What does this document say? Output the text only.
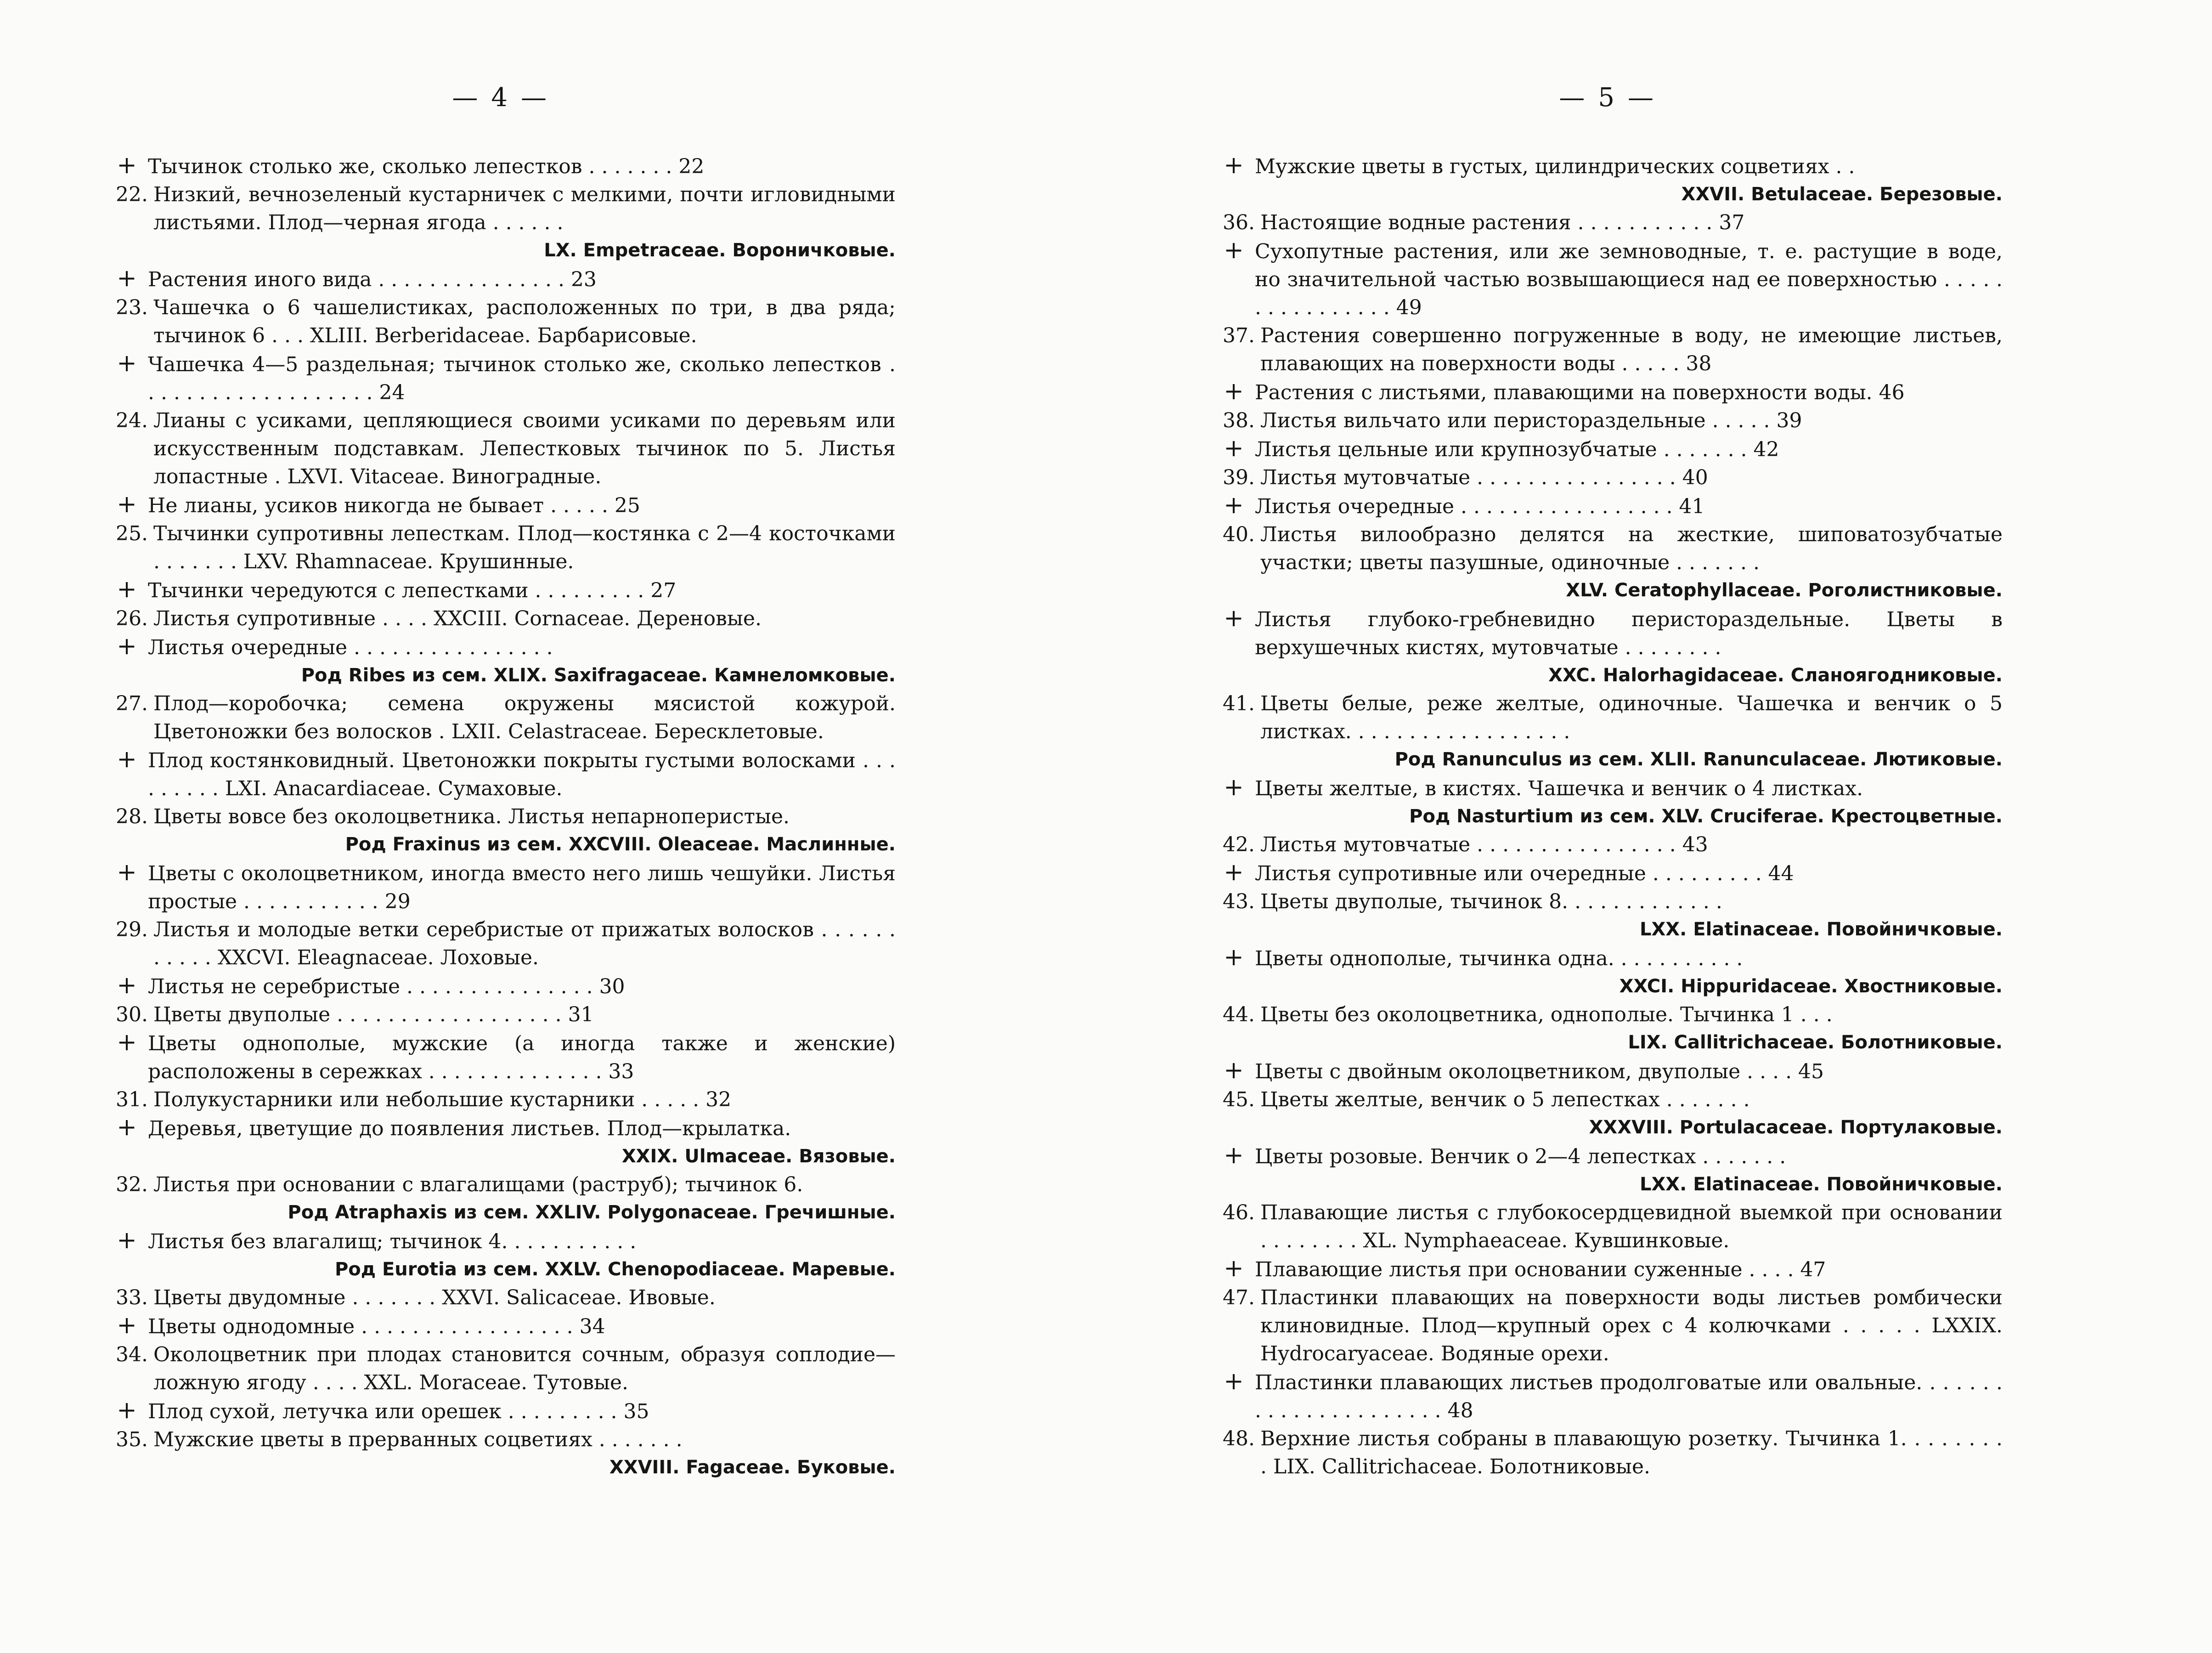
— 4 —
+ Тычинок столько же, сколько лепестков . . . . . . . 22
22. Низкий, вечнозеленый кустарничек с мелкими, почти игловидными листьями. Плод—черная ягода . . . . . .
LX. Empetraceae. Вороничковые.
+ Растения иного вида . . . . . . . . . . . . . . . 23
23. Чашечка о 6 чашелистиках, расположенных по три, в два ряда; тычинок 6 . . . XLIII. Berberidaceae. Барбарисовые.
+ Чашечка 4—5 раздельная; тычинок столько же, сколько лепестков . . . . . . . . . . . . . . . . . . . 24
24. Лианы с усиками, цепляющиеся своими усиками по деревьям или искусственным подставкам. Лепестковых тычинок по 5. Листья лопастные . LXVI. Vitaceae. Виноградные.
+ Не лианы, усиков никогда не бывает . . . . . 25
25. Тычинки супротивны лепесткам. Плод—костянка с 2—4 косточками . . . . . . . LXV. Rhamnaceae. Крушинные.
+ Тычинки чередуются с лепестками . . . . . . . . . 27
26. Листья супротивные . . . . XXCIII. Cornaceae. Дереновые.
+ Листья очередные . . . . . . . . . . . . . . . .
Род Ribes из сем. XLIX. Saxifragaceae. Камнеломковые.
27. Плод—коробочка; семена окружены мясистой кожурой. Цветоножки без волосков . LXII. Celastraceae. Бересклетовые.
+ Плод костянковидный. Цветоножки покрыты густыми волосками . . . . . . . . . LXI. Anacardiaceae. Сумаховые.
28. Цветы вовсе без околоцветника. Листья непарноперистые.
Род Fraxinus из сем. XXCVIII. Oleaceae. Маслинные.
+ Цветы с околоцветником, иногда вместо него лишь чешуйки. Листья простые . . . . . . . . . . . 29
29. Листья и молодые ветки серебристые от прижатых волосков . . . . . . . . . . . XXCVI. Eleagnaceae. Лоховые.
+ Листья не серебристые . . . . . . . . . . . . . . . 30
30. Цветы двуполые . . . . . . . . . . . . . . . . . . 31
+ Цветы однополые, мужские (а иногда также и женские) расположены в сережках . . . . . . . . . . . . . . 33
31. Полукустарники или небольшие кустарники . . . . . 32
+ Деревья, цветущие до появления листьев. Плод—крылатка.
XXIX. Ulmaceae. Вязовые.
32. Листья при основании с влагалищами (раструб); тычинок 6.
Род Atraphaxis из сем. XXLIV. Polygonaceae. Гречишные.
+ Листья без влагалищ; тычинок 4. . . . . . . . . . .
Род Eurotia из сем. XXLV. Chenopodiaceae. Маревые.
33. Цветы двудомные . . . . . . . XXVI. Salicaceae. Ивовые.
+ Цветы однодомные . . . . . . . . . . . . . . . . . 34
34. Околоцветник при плодах становится сочным, образуя соплодие—ложную ягоду . . . . XXL. Moraceae. Тутовые.
+ Плод сухой, летучка или орешек . . . . . . . . . 35
35. Мужские цветы в прерванных соцветиях . . . . . . .
XXVIII. Fagaceae. Буковые.
— 5 —
+ Мужские цветы в густых, цилиндрических соцветиях . .
XXVII. Betulaceae. Березовые.
36. Настоящие водные растения . . . . . . . . . . . 37
+ Сухопутные растения, или же земноводные, т. е. растущие в воде, но значительной частью возвышающиеся над ее поверхностью . . . . . . . . . . . . . . . . 49
37. Растения совершенно погруженные в воду, не имеющие листьев, плавающих на поверхности воды . . . . . 38
+ Растения с листьями, плавающими на поверхности воды. 46
38. Листья вильчато или перистораздельные . . . . . 39
+ Листья цельные или крупнозубчатые . . . . . . . 42
39. Листья мутовчатые . . . . . . . . . . . . . . . . 40
+ Листья очередные . . . . . . . . . . . . . . . . . 41
40. Листья вилообразно делятся на жесткие, шиповатозубчатые участки; цветы пазушные, одиночные . . . . . . .
XLV. Ceratophyllaceae. Роголистниковые.
+ Листья глубоко-гребневидно перистораздельные. Цветы в верхушечных кистях, мутовчатые . . . . . . . .
XXC. Halorhagidaceae. Сланоягодниковые.
41. Цветы белые, реже желтые, одиночные. Чашечка и венчик о 5 листках. . . . . . . . . . . . . . . . . .
Род Ranunculus из сем. XLII. Ranunculaceae. Лютиковые.
+ Цветы желтые, в кистях. Чашечка и венчик о 4 листках.
Род Nasturtium из сем. XLV. Cruciferae. Крестоцветные.
42. Листья мутовчатые . . . . . . . . . . . . . . . . 43
+ Листья супротивные или очередные . . . . . . . . . 44
43. Цветы двуполые, тычинок 8. . . . . . . . . . . . .
LXX. Elatinaceae. Повойничковые.
+ Цветы однополые, тычинка одна. . . . . . . . . . .
XXCI. Hippuridaceae. Хвостниковые.
44. Цветы без околоцветника, однополые. Тычинка 1 . . .
LIX. Callitrichaceae. Болотниковые.
+ Цветы с двойным околоцветником, двуполые . . . . 45
45. Цветы желтые, венчик о 5 лепестках . . . . . . .
XXXVIII. Portulacaceae. Портулаковые.
+ Цветы розовые. Венчик о 2—4 лепестках . . . . . . .
LXX. Elatinaceae. Повойничковые.
46. Плавающие листья с глубокосердцевидной выемкой при основании . . . . . . . . XL. Nymphaeaceae. Кувшинковые.
+ Плавающие листья при основании суженные . . . . 47
47. Пластинки плавающих на поверхности воды листьев ромбически клиновидные. Плод—крупный орех с 4 колючками . . . . . LXXIX. Hydrocaryaceae. Водяные орехи.
+ Пластинки плавающих листьев продолговатые или овальные. . . . . . . . . . . . . . . . . . . . . . 48
48. Верхние листья собраны в плавающую розетку. Тычинка 1. . . . . . . . . LIX. Callitrichaceae. Болотниковые.
